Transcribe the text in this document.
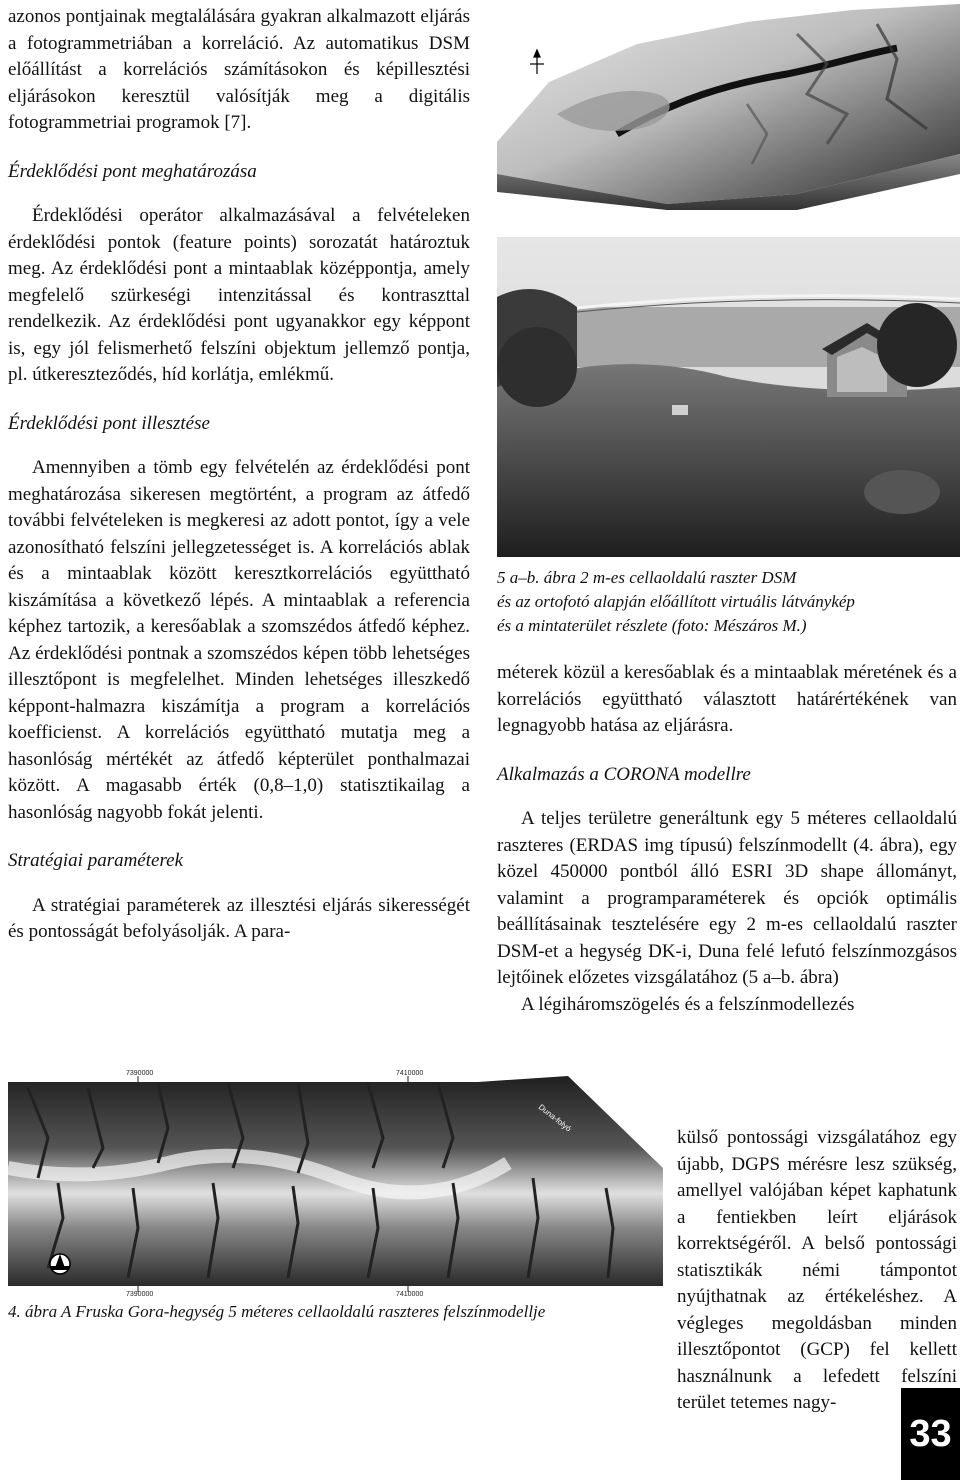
azonos pontjainak megtalálására gyakran alkalmazott eljárás a fotogrammetriában a korreláció. Az automatikus DSM előállítást a korrelációs számításokon és képillesztési eljárásokon keresztül valósítják meg a digitális fotogrammetriai programok [7].

Érdeklődési pont meghatározása

Érdeklődési operátor alkalmazásával a felvételeken érdeklődési pontok (feature points) sorozatát határoztuk meg. Az érdeklődési pont a mintaablak középpontja, amely megfelelő szürkeségi intenzitással és kontraszttal rendelkezik. Az érdeklődési pont ugyanakkor egy képpont is, egy jól felismerhető felszíni objektum jellemző pontja, pl. útkereszteződés, híd korlátja, emlékmű.

Érdeklődési pont illesztése

Amennyiben a tömb egy felvételén az érdeklődési pont meghatározása sikeresen megtörtént, a program az átfedő további felvételeken is megkeresi az adott pontot, így a vele azonosítható felszíni jellegzetességet is. A korrelációs ablak és a mintaablak között keresztkorrelációs együttható kiszámítása a következő lépés. A mintaablak a referencia képhez tartozik, a keresőablak a szomszédos átfedő képhez. Az érdeklődési pontnak a szomszédos képen több lehetséges illesztőpont is megfelelhet. Minden lehetséges illeszkedő képpont-halmazra kiszámítja a program a korrelációs koefficienst. A korrelációs együttható mutatja meg a hasonlóság mértékét az átfedő képterület ponthalmazai között. A magasabb érték (0,8–1,0) statisztikailag a hasonlóság nagyobb fokát jelenti.

Stratégiai paraméterek

A stratégiai paraméterek az illesztési eljárás sikerességét és pontosságát befolyásolják. A para-

5 a–b. ábra 2 m-es cellaoldalú raszter DSM
és az ortofotó alapján előállított virtuális látványkép
és a mintaterület részlete (foto: Mészáros M.)

méterek közül a keresőablak és a mintaablak méretének és a korrelációs együttható választott határértékének van legnagyobb hatása az eljárásra.

Alkalmazás a CORONA modellre

A teljes területre generáltunk egy 5 méteres cellaoldalú raszteres (ERDAS img típusú) felszínmodellt (4. ábra), egy közel 450000 pontból álló ESRI 3D shape állományt, valamint a programparaméterek és opciók optimális beállításainak tesztelésére egy 2 m-es cellaoldalú raszter DSM-et a hegység DK-i, Duna felé lefutó felszínmozgásos lejtőinek előzetes vizsgálatához (5 a–b. ábra)

A légiháromszögelés és a felszínmodellezés

külső pontossági vizsgálatához egy újabb, DGPS mérésre lesz szükség, amellyel valójában képet kaphatunk a fentiekben leírt eljárások korrektségéről. A belső pontossági statisztikák némi támpontot nyújthatnak az értékeléshez. A végleges megoldásban minden illesztőpontot (GCP) fel kellett használnunk a lefedett felszíni terület tetemes nagy-
7390000	7410000
7390000	7410000
Duna-folyó
4. ábra A Fruska Gora-hegység 5 méteres cellaoldalú raszteres felszínmodellje
33
